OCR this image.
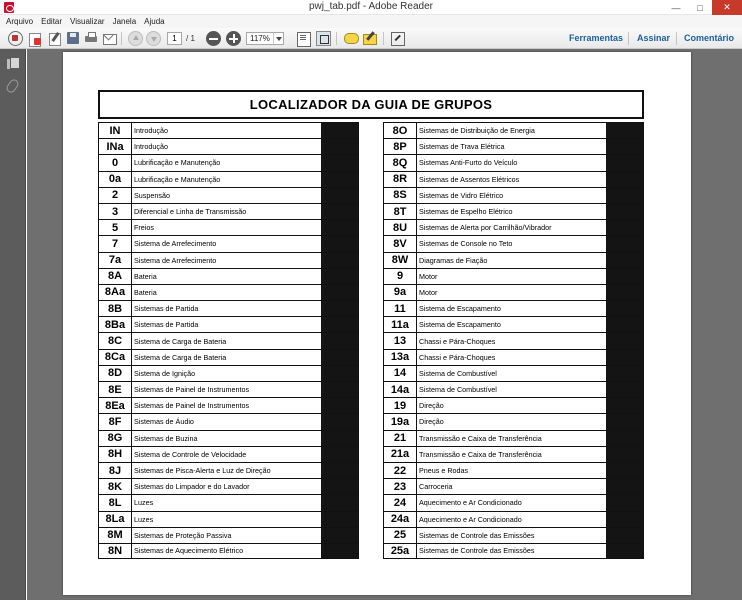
pwj_tab.pdf - Adobe Reader	—	□	✕
Arquivo Editar Visualizar Janela Ajuda
1	/ 1	117%	Ferramentas Assinar Comentário
LOCALIZADOR DA GUIA DE GRUPOS
IN	Introdução
INa	Introdução
0	Lubrificação e Manutenção
0a	Lubrificação e Manutenção
2	Suspensão
3	Diferencial e Linha de Transmissão
5	Freios
7	Sistema de Arrefecimento
7a	Sistema de Arrefecimento
8A	Bateria
8Aa	Bateria
8B	Sistemas de Partida
8Ba	Sistemas de Partida
8C	Sistema de Carga de Bateria
8Ca	Sistema de Carga de Bateria
8D	Sistema de Ignição
8E	Sistemas de Painel de Instrumentos
8Ea	Sistemas de Painel de Instrumentos
8F	Sistemas de Áudio
8G	Sistemas de Buzina
8H	Sistema de Controle de Velocidade
8J	Sistemas de Pisca-Alerta e Luz de Direção
8K	Sistemas do Limpador e do Lavador
8L	Luzes
8La	Luzes
8M	Sistemas de Proteção Passiva
8N	Sistemas de Aquecimento Elétrico
8O	Sistemas de Distribuição de Energia
8P	Sistemas de Trava Elétrica
8Q	Sistemas Anti-Furto do Veículo
8R	Sistemas de Assentos Elétricos
8S	Sistemas de Vidro Elétrico
8T	Sistemas de Espelho Elétrico
8U	Sistemas de Alerta por Carrilhão/Vibrador
8V	Sistemas de Console no Teto
8W	Diagramas de Fiação
9	Motor
9a	Motor
11	Sistema de Escapamento
11a	Sistema de Escapamento
13	Chassi e Pára-Choques
13a	Chassi e Pára-Choques
14	Sistema de Combustível
14a	Sistema de Combustível
19	Direção
19a	Direção
21	Transmissão e Caixa de Transferência
21a	Transmissão e Caixa de Transferência
22	Pneus e Rodas
23	Carroceria
24	Aquecimento e Ar Condicionado
24a	Aquecimento e Ar Condicionado
25	Sistemas de Controle das Emissões
25a	Sistemas de Controle das Emissões
